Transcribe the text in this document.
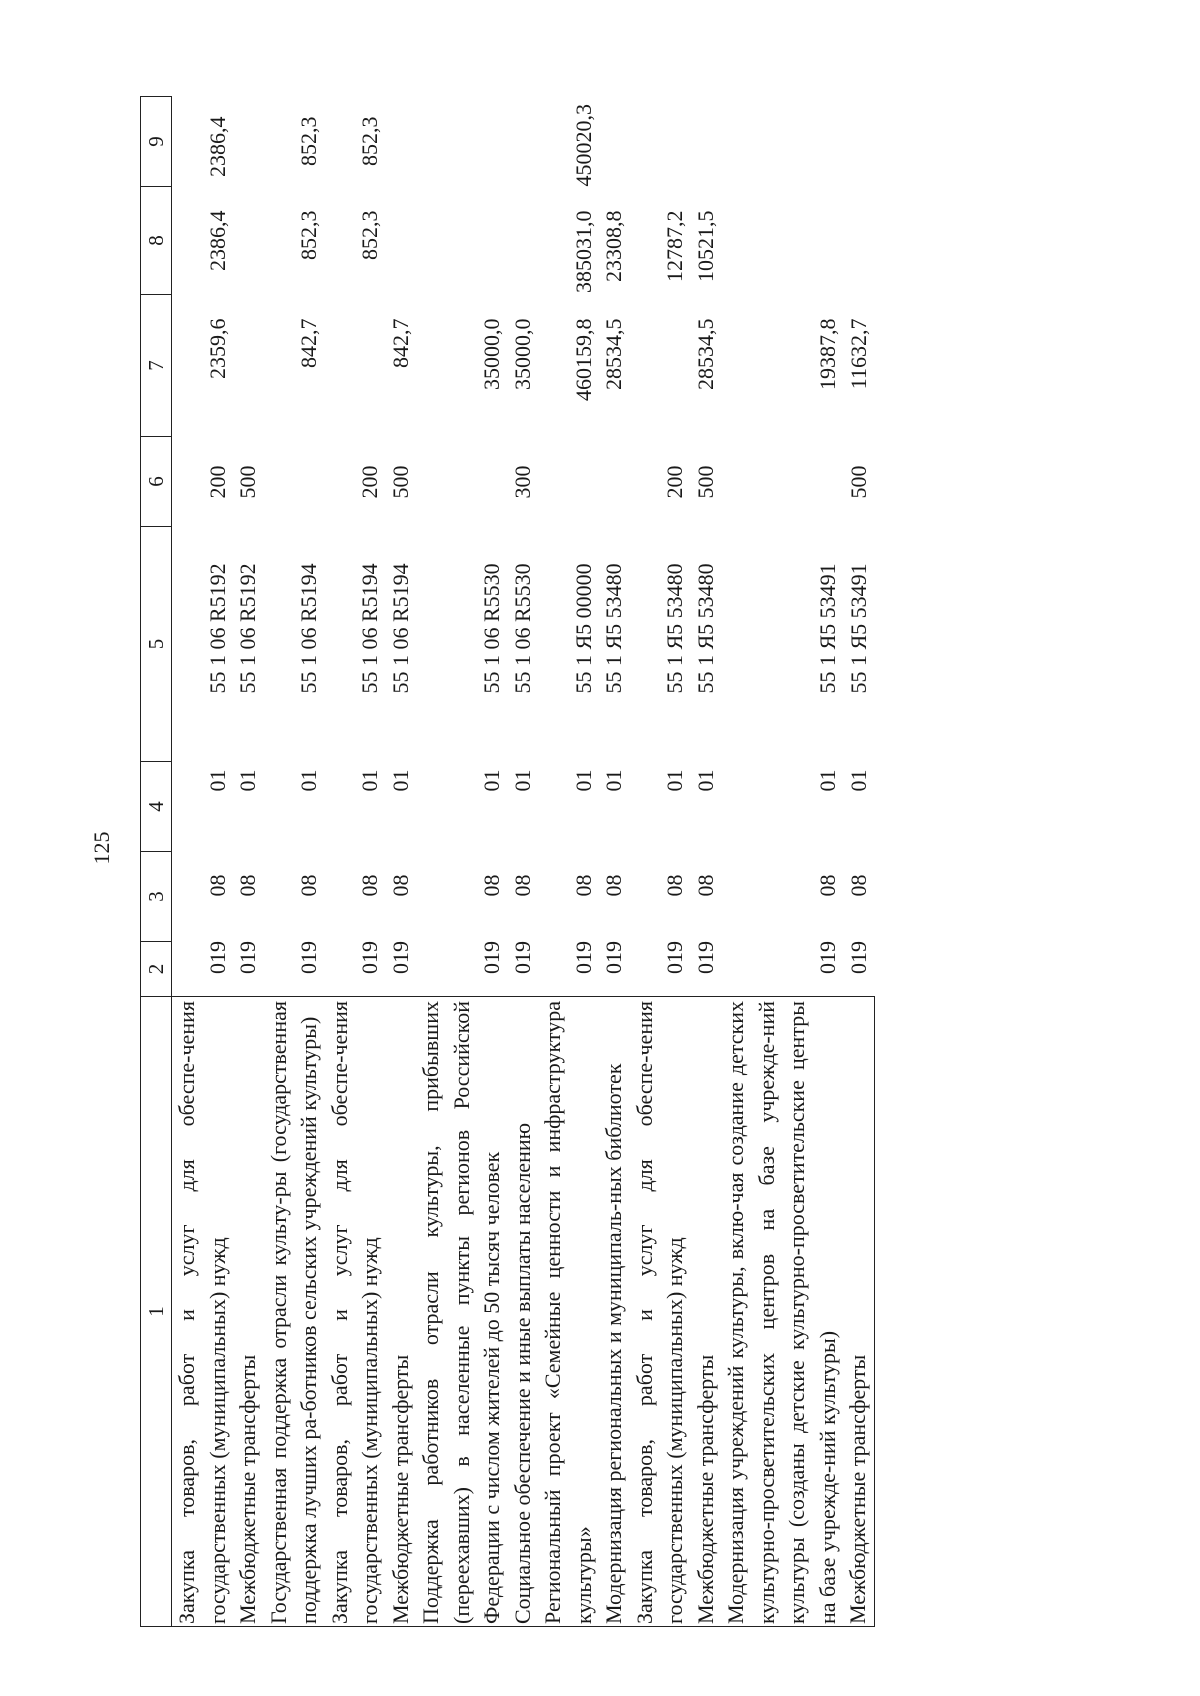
125
1	2	3	4	5	6	7	8	9
Закупка товаров, работ и услуг для обеспе-чения государственных (муниципальных) нужд	019	08	01	55 1 06 R5192	200	2359,6	2386,4	2386,4
Межбюджетные трансферты	019	08	01	55 1 06 R5192	500			
Государственная поддержка отрасли культу-ры (государственная поддержка лучших ра-ботников сельских учреждений культуры)	019	08	01	55 1 06 R5194		842,7	852,3	852,3
Закупка товаров, работ и услуг для обеспе-чения государственных (муниципальных) нужд	019	08	01	55 1 06 R5194	200		852,3	852,3
Межбюджетные трансферты	019	08	01	55 1 06 R5194	500	842,7		
Поддержка работников отрасли культуры, прибывших (переехавших) в населенные пункты регионов Российской Федерации с числом жителей до 50 тысяч человек	019	08	01	55 1 06 R5530		35000,0		
Социальное обеспечение и иные выплаты населению	019	08	01	55 1 06 R5530	300	35000,0		
Региональный проект «Семейные ценности и инфраструктура культуры»	019	08	01	55 1 Я5 00000		460159,8	385031,0	450020,3
Модернизация региональных и муниципаль-ных библиотек	019	08	01	55 1 Я5 53480		28534,5	23308,8	
Закупка товаров, работ и услуг для обеспе-чения государственных (муниципальных) нужд	019	08	01	55 1 Я5 53480	200		12787,2	
Межбюджетные трансферты	019	08	01	55 1 Я5 53480	500	28534,5	10521,5	
Модернизация учреждений культуры, вклю-чая создание детских культурно-просветительских центров на базе учрежде-ний культуры (созданы детские культурно-просветительские центры на базе учрежде-ний культуры)	019	08	01	55 1 Я5 53491		19387,8		
Межбюджетные трансферты	019	08	01	55 1 Я5 53491	500	11632,7		
